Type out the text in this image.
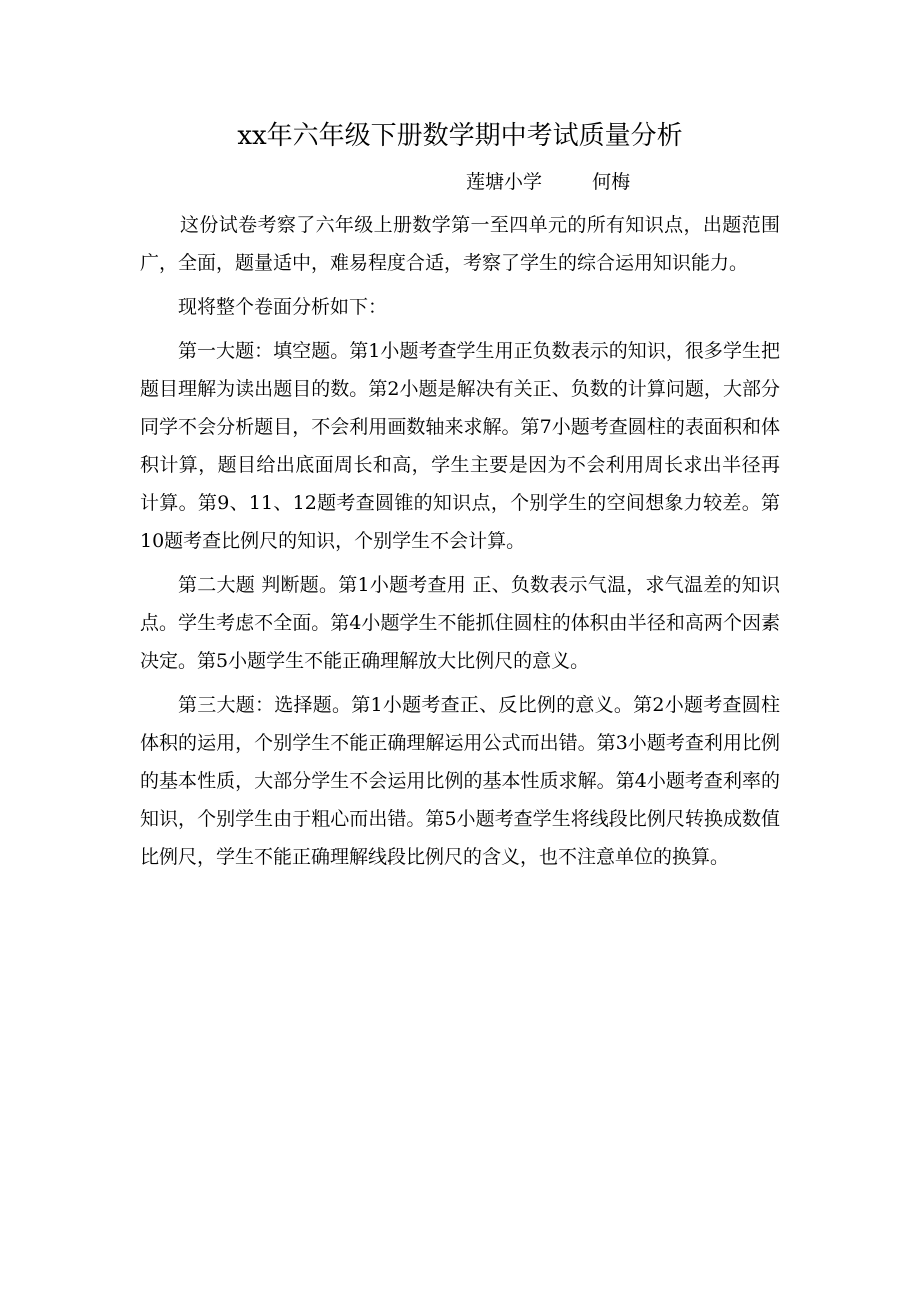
xx年六年级下册数学期中考试质量分析
莲塘小学	何梅

这份试卷考察了六年级上册数学第一至四单元的所有知识点，出题范围广，全面，题量适中，难易程度合适，考察了学生的综合运用知识能力。

现将整个卷面分析如下：

第一大题：填空题。第1小题考查学生用正负数表示的知识，很多学生把题目理解为读出题目的数。第2小题是解决有关正、负数的计算问题，大部分同学不会分析题目，不会利用画数轴来求解。第7小题考查圆柱的表面积和体积计算，题目给出底面周长和高，学生主要是因为不会利用周长求出半径再计算。第9、11、12题考查圆锥的知识点，个别学生的空间想象力较差。第10题考查比例尺的知识，个别学生不会计算。

第二大题 判断题。第1小题考查用 正、负数表示气温，求气温差的知识点。学生考虑不全面。第4小题学生不能抓住圆柱的体积由半径和高两个因素决定。第5小题学生不能正确理解放大比例尺的意义。

第三大题：选择题。第1小题考查正、反比例的意义。第2小题考查圆柱体积的运用，个别学生不能正确理解运用公式而出错。第3小题考查利用比例的基本性质，大部分学生不会运用比例的基本性质求解。第4小题考查利率的知识，个别学生由于粗心而出错。第5小题考查学生将线段比例尺转换成数值比例尺，学生不能正确理解线段比例尺的含义，也不注意单位的换算。
